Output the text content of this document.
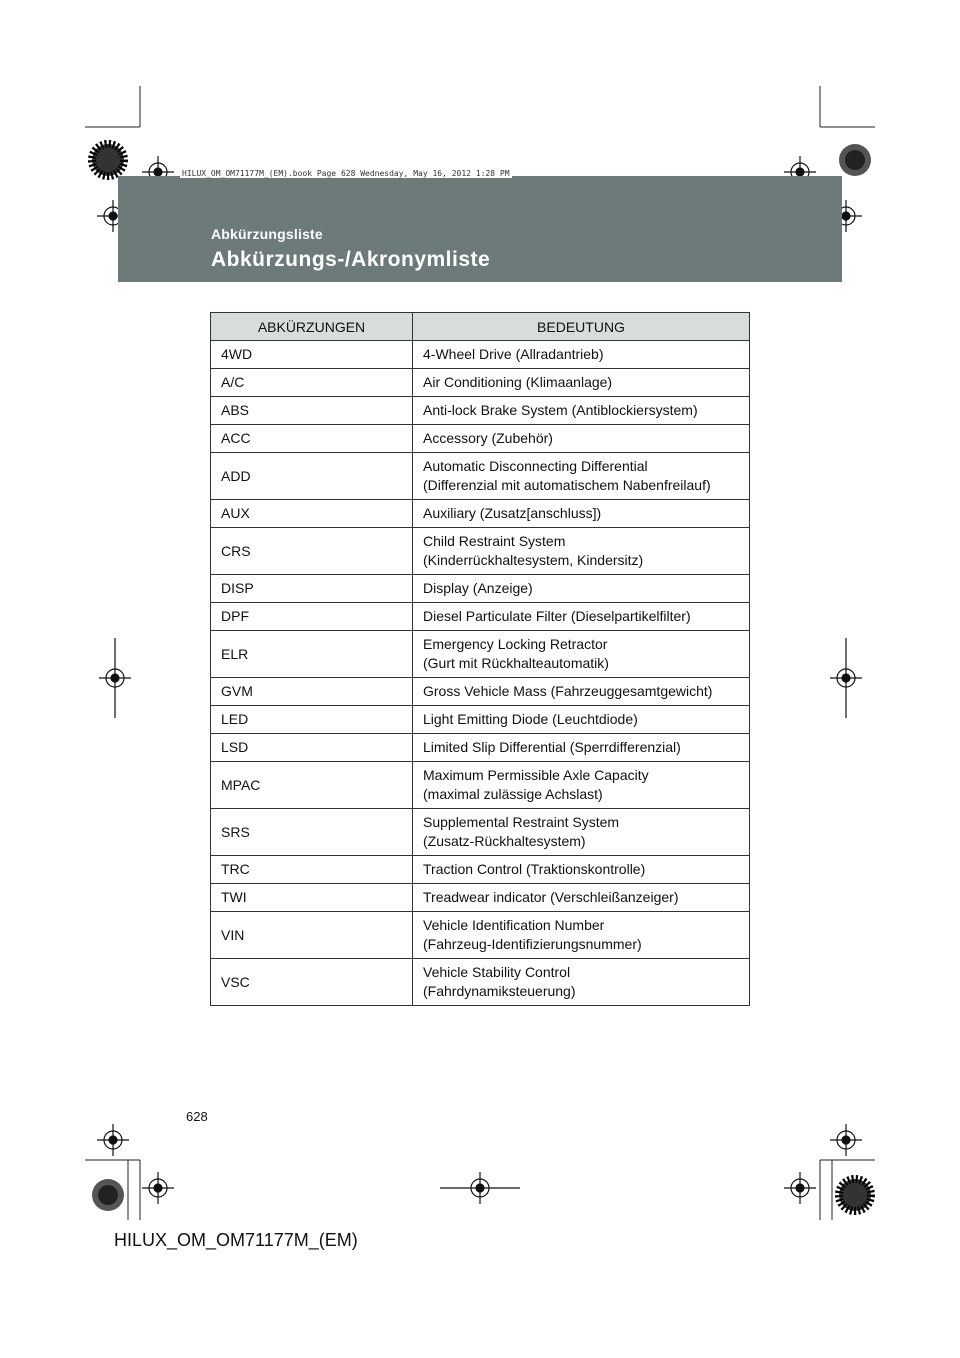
HILUX_OM_OM71177M_(EM).book Page 628 Wednesday, May 16, 2012 1:28 PM
Abkürzungsliste
Abkürzungs-/Akronymliste
ABKÜRZUNGEN	BEDEUTUNG
4WD	4-Wheel Drive (Allradantrieb)

A/C	Air Conditioning (Klimaanlage)

ABS	Anti-lock Brake System (Antiblockiersystem)

ACC	Accessory (Zubehör)

ADD	Automatic Disconnecting Differential
(Differenzial mit automatischem Nabenfreilauf)

AUX	Auxiliary (Zusatz[anschluss])

CRS	Child Restraint System
(Kinderrückhaltesystem, Kindersitz)

DISP	Display (Anzeige)

DPF	Diesel Particulate Filter (Dieselpartikelfilter)

ELR	Emergency Locking Retractor
(Gurt mit Rückhalteautomatik)

GVM	Gross Vehicle Mass (Fahrzeuggesamtgewicht)

LED	Light Emitting Diode (Leuchtdiode)

LSD	Limited Slip Differential (Sperrdifferenzial)

MPAC	Maximum Permissible Axle Capacity
(maximal zulässige Achslast)

SRS	Supplemental Restraint System
(Zusatz-Rückhaltesystem)

TRC	Traction Control (Traktionskontrolle)

TWI	Treadwear indicator (Verschleißanzeiger)

VIN	Vehicle Identification Number
(Fahrzeug-Identifizierungsnummer)

VSC	Vehicle Stability Control
(Fahrdynamiksteuerung)
628
HILUX_OM_OM71177M_(EM)
